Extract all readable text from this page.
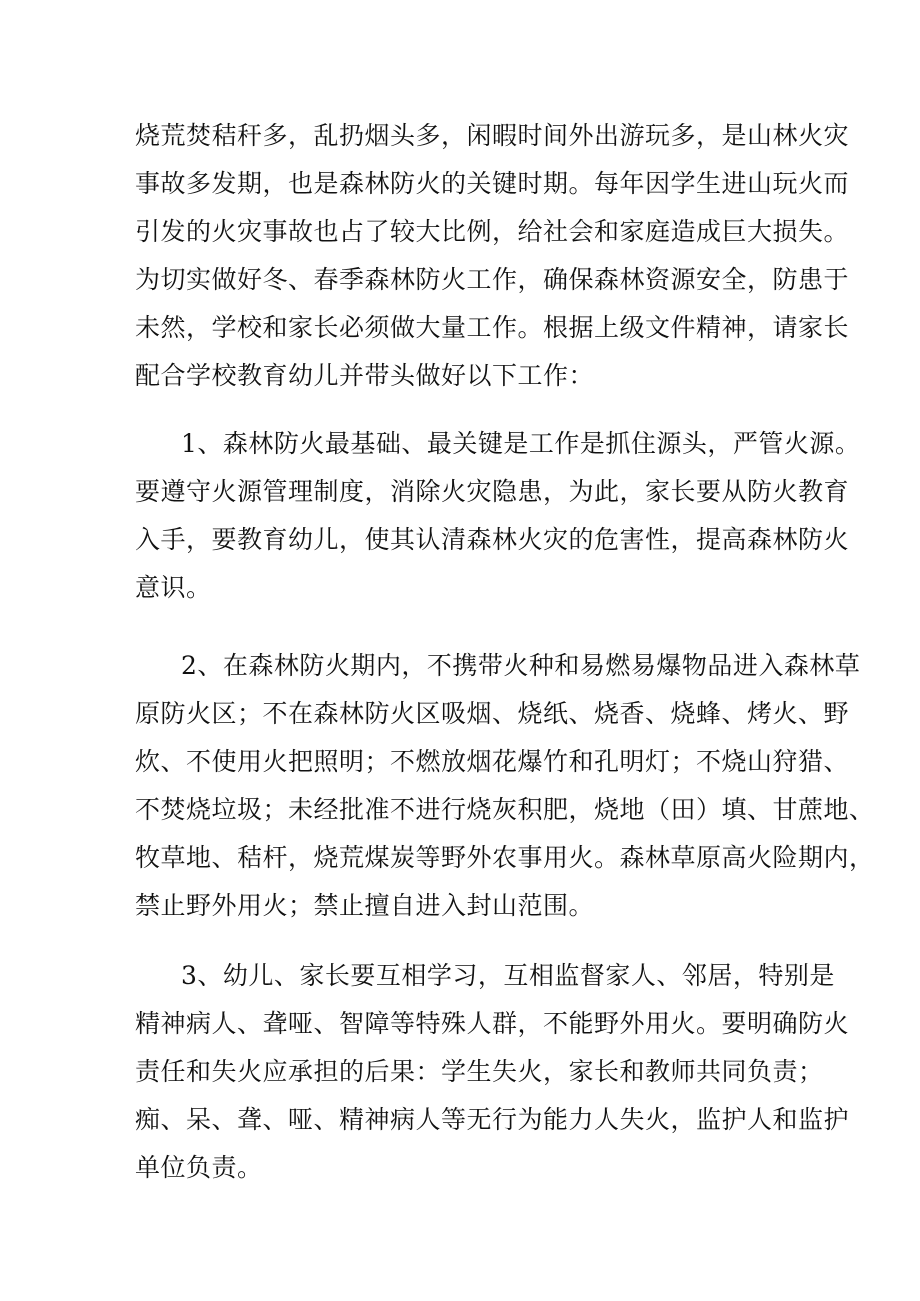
烧荒焚秸秆多，乱扔烟头多，闲暇时间外出游玩多，是山林火灾
事故多发期，也是森林防火的关键时期。每年因学生进山玩火而
引发的火灾事故也占了较大比例，给社会和家庭造成巨大损失。
为切实做好冬、春季森林防火工作，确保森林资源安全，防患于
未然，学校和家长必须做大量工作。根据上级文件精神，请家长
配合学校教育幼儿并带头做好以下工作：
1、森林防火最基础、最关键是工作是抓住源头，严管火源。
要遵守火源管理制度，消除火灾隐患，为此，家长要从防火教育
入手，要教育幼儿，使其认清森林火灾的危害性，提高森林防火
意识。
2、在森林防火期内，不携带火种和易燃易爆物品进入森林草
原防火区；不在森林防火区吸烟、烧纸、烧香、烧蜂、烤火、野
炊、不使用火把照明；不燃放烟花爆竹和孔明灯；不烧山狩猎、
不焚烧垃圾；未经批准不进行烧灰积肥，烧地（田）填、甘蔗地、
牧草地、秸杆，烧荒煤炭等野外农事用火。森林草原高火险期内，
禁止野外用火；禁止擅自进入封山范围。
3、幼儿、家长要互相学习，互相监督家人、邻居，特别是
精神病人、聋哑、智障等特殊人群，不能野外用火。要明确防火
责任和失火应承担的后果：学生失火，家长和教师共同负责；
痴、呆、聋、哑、精神病人等无行为能力人失火，监护人和监护
单位负责。
